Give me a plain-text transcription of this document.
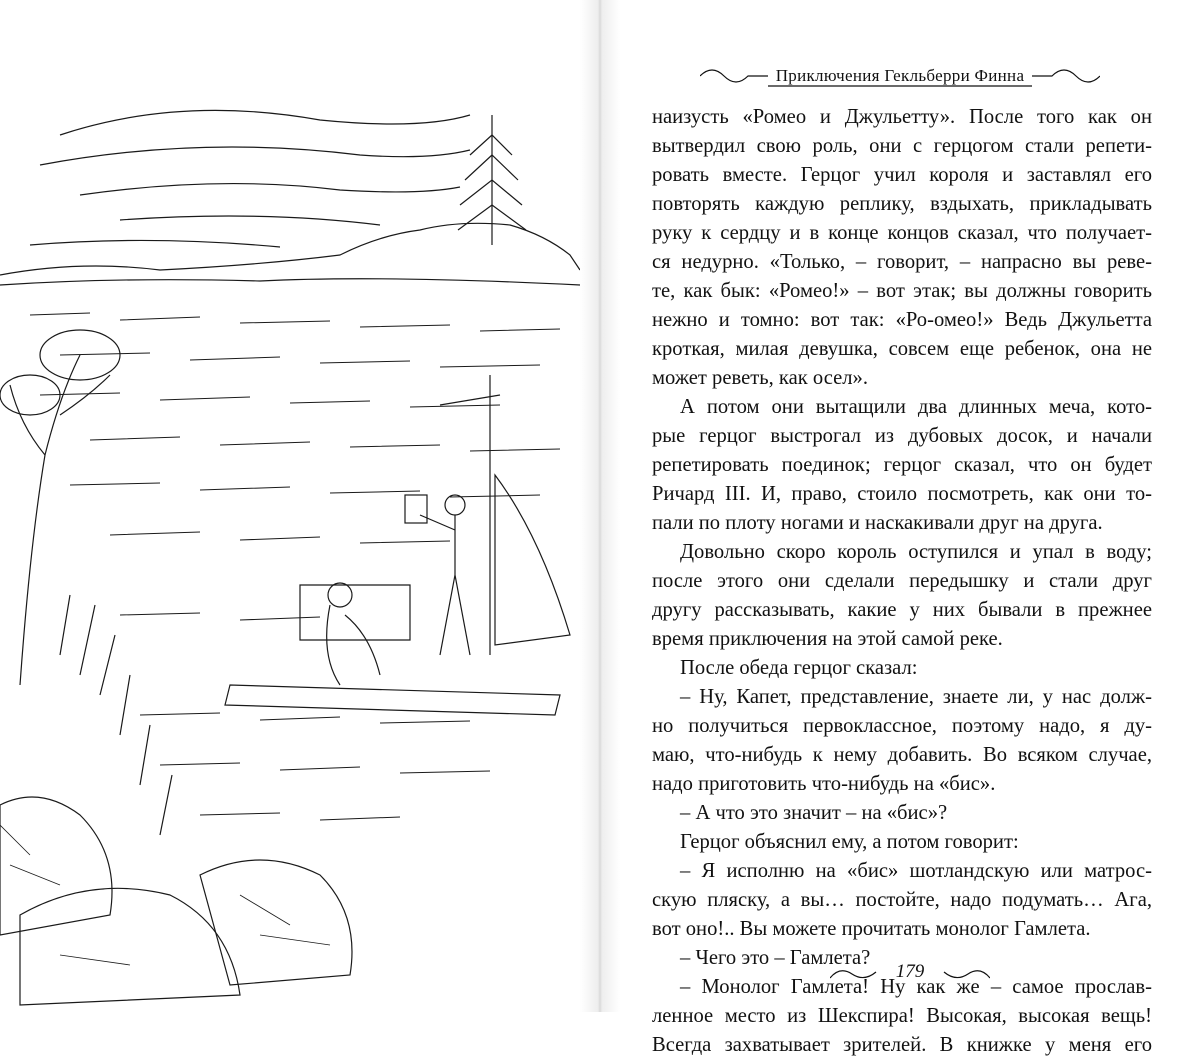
Приключения Гекльберри Финна
наизусть «Ромео и Джульетту». После того как он
вытвердил свою роль, они с герцогом стали репети-
ровать вместе. Герцог учил короля и заставлял его
повторять каждую реплику, вздыхать, прикладывать
руку к сердцу и в конце концов сказал, что получает-
ся недурно. «Только, – говорит, – напрасно вы реве-
те, как бык: «Ромео!» – вот этак; вы должны говорить
нежно и томно: вот так: «Ро-омео!» Ведь Джульетта
кроткая, милая девушка, совсем еще ребенок, она не
может реветь, как осел».
А потом они вытащили два длинных меча, кото-
рые герцог выстрогал из дубовых досок, и начали
репетировать поединок; герцог сказал, что он будет
Ричард III. И, право, стоило посмотреть, как они то-
пали по плоту ногами и наскакивали друг на друга.
Довольно скоро король оступился и упал в воду;
после этого они сделали передышку и стали друг
другу рассказывать, какие у них бывали в прежнее
время приключения на этой самой реке.
После обеда герцог сказал:
– Ну, Капет, представление, знаете ли, у нас долж-
но получиться первоклассное, поэтому надо, я ду-
маю, что-нибудь к нему добавить. Во всяком случае,
надо приготовить что-нибудь на «бис».
– А что это значит – на «бис»?
Герцог объяснил ему, а потом говорит:
– Я исполню на «бис» шотландскую или матрос-
скую пляску, а вы… постойте, надо подумать… Ага,
вот оно!.. Вы можете прочитать монолог Гамлета.
– Чего это – Гамлета?
– Монолог Гамлета! Ну как же – самое прослав-
ленное место из Шекспира! Высокая, высокая вещь!
Всегда захватывает зрителей. В книжке у меня его
179
